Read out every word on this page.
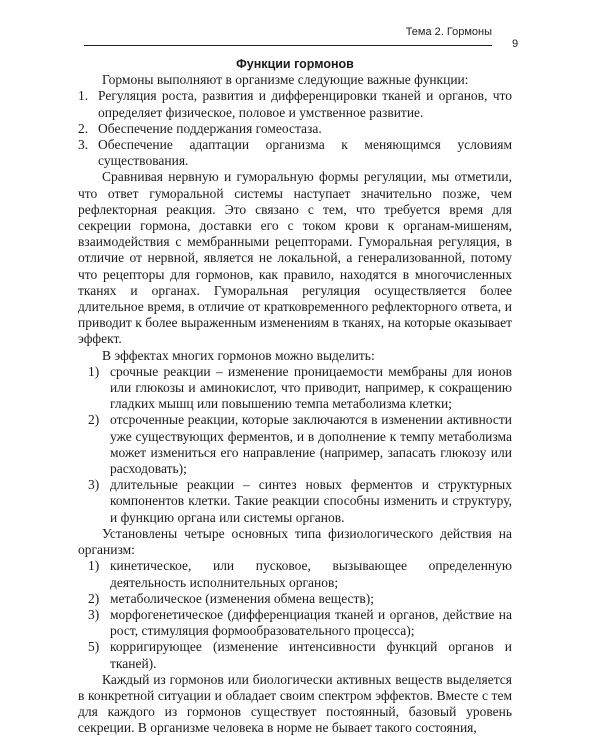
Тема 2. Гормоны
9

Функции гормонов

Гормоны выполняют в организме следующие важные функции:

1. Регуляция роста, развития и дифференцировки тканей и органов, что определяет физическое, половое и умственное развитие.
2. Обеспечение поддержания гомеостаза.
3. Обеспечение адаптации организма к меняющимся условиям существования.

Сравнивая нервную и гуморальную формы регуляции, мы отметили, что ответ гуморальной системы наступает значительно позже, чем рефлекторная реакция. Это связано с тем, что требуется время для секреции гормона, доставки его с током крови к органам-мишеням, взаимодействия с мембранными рецепторами. Гуморальная регуляция, в отличие от нервной, является не локальной, а генерализованной, потому что рецепторы для гормонов, как правило, находятся в многочисленных тканях и органах. Гуморальная регуляция осуществляется более длительное время, в отличие от кратковременного рефлекторного ответа, и приводит к более выраженным изменениям в тканях, на которые оказывает эффект.

В эффектах многих гормонов можно выделить:

1) срочные реакции – изменение проницаемости мембраны для ионов или глюкозы и аминокислот, что приводит, например, к сокращению гладких мышц или повышению темпа метаболизма клетки;
2) отсроченные реакции, которые заключаются в изменении активности уже существующих ферментов, и в дополнение к темпу метаболизма может измениться его направление (например, запасать глюкозу или расходовать);
3) длительные реакции – синтез новых ферментов и структурных компонентов клетки. Такие реакции способны изменить и структуру, и функцию органа или системы органов.

Установлены четыре основных типа физиологического действия на организм:

1) кинетическое, или пусковое, вызывающее определенную деятельность исполнительных органов;
2) метаболическое (изменения обмена веществ);
3) морфогенетическое (дифференциация тканей и органов, действие на рост, стимуляция формообразовательного процесса);
5) корригирующее (изменение интенсивности функций органов и тканей).

Каждый из гормонов или биологически активных веществ выделяется в конкретной ситуации и обладает своим спектром эффектов. Вместе с тем для каждого из гормонов существует постоянный, базовый уровень секреции. В организме человека в норме не бывает такого состояния,
